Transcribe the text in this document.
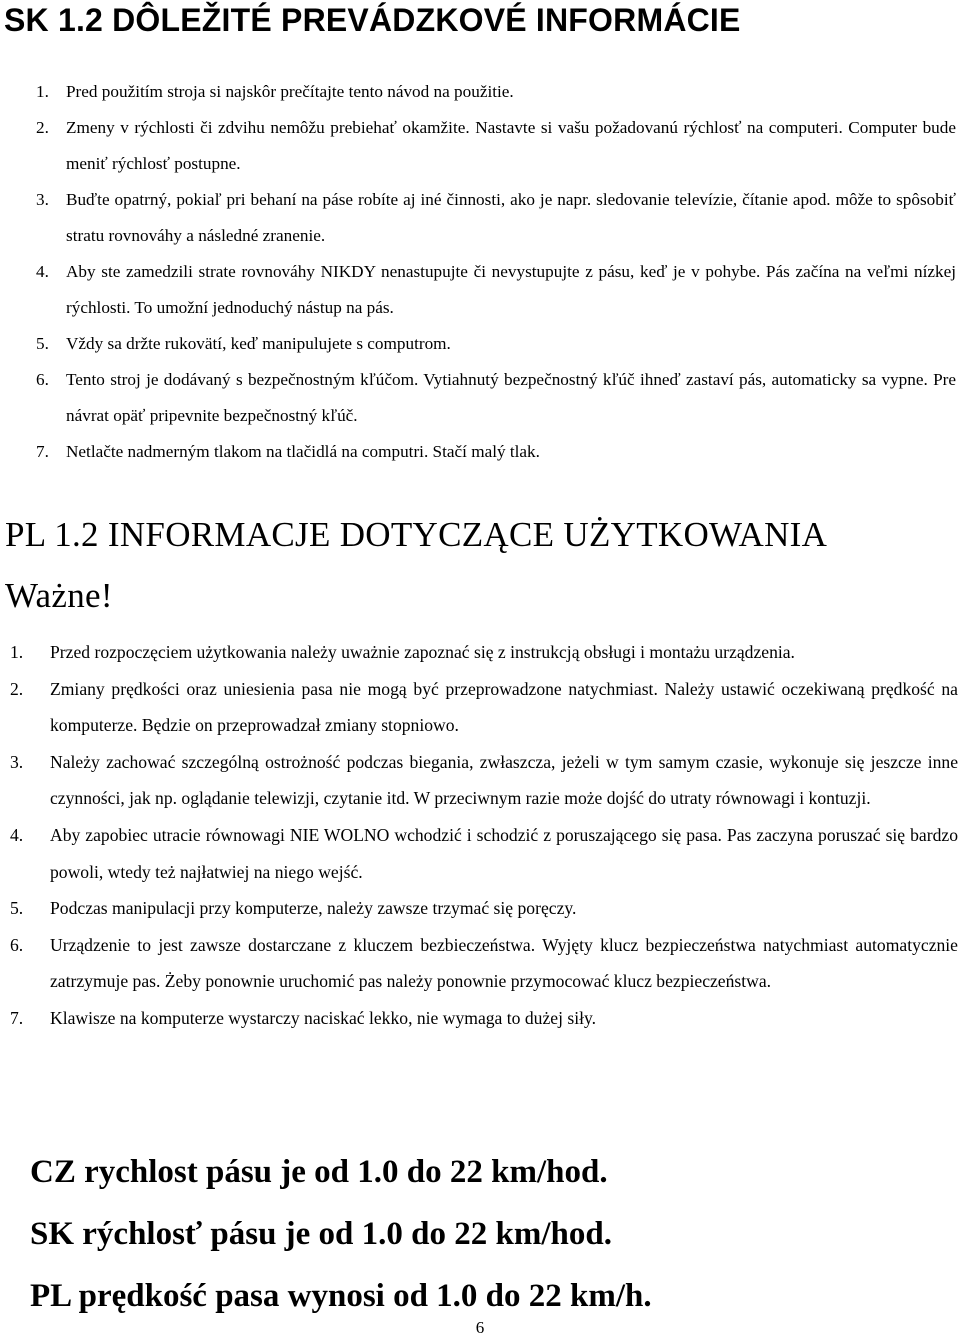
SK 1.2 DÔLEŽITÉ PREVÁDZKOVÉ INFORMÁCIE
1. Pred použitím stroja si najskôr prečítajte tento návod na použitie.
2. Zmeny v rýchlosti či zdvihu nemôžu prebiehať okamžite. Nastavte si vašu požadovanú rýchlosť na computeri. Computer bude meniť rýchlosť postupne.
3. Buďte opatrný, pokiaľ pri behaní na páse robíte aj iné činnosti, ako je napr. sledovanie televízie, čítanie apod. môže to spôsobiť stratu rovnováhy a následné zranenie.
4. Aby ste zamedzili strate rovnováhy NIKDY nenastupujte či nevystupujte z pásu, keď je v pohybe. Pás začína na veľmi nízkej rýchlosti. To umožní jednoduchý nástup na pás.
5. Vždy sa držte rukovätí, keď manipulujete s computrom.
6. Tento stroj je dodávaný s bezpečnostným kľúčom. Vytiahnutý bezpečnostný kľúč ihneď zastaví pás, automaticky sa vypne. Pre návrat opäť pripevnite bezpečnostný kľúč.
7. Netlačte nadmerným tlakom na tlačidlá na computri. Stačí malý tlak.
PL 1.2 INFORMACJE DOTYCZĄCE UŻYTKOWANIA
Ważne!
1. Przed rozpoczęciem użytkowania należy uważnie zapoznać się z instrukcją obsługi i montażu urządzenia.
2. Zmiany prędkości oraz uniesienia pasa nie mogą być przeprowadzone natychmiast. Należy ustawić oczekiwaną prędkość na komputerze. Będzie on przeprowadzał zmiany stopniowo.
3. Należy zachować szczególną ostrożność podczas biegania, zwłaszcza, jeżeli w tym samym czasie, wykonuje się jeszcze inne czynności, jak np. oglądanie telewizji, czytanie itd. W przeciwnym razie może dojść do utraty równowagi i kontuzji.
4. Aby zapobiec utracie równowagi NIE WOLNO wchodzić i schodzić z poruszającego się pasa. Pas zaczyna poruszać się bardzo powoli, wtedy też najłatwiej na niego wejść.
5. Podczas manipulacji przy komputerze, należy zawsze trzymać się poręczy.
6. Urządzenie to jest zawsze dostarczane z kluczem bezbieczeństwa. Wyjęty klucz bezpieczeństwa natychmiast automatycznie zatrzymuje pas. Żeby ponownie uruchomić pas należy ponownie przymocować klucz bezpieczeństwa.
7. Klawisze na komputerze wystarczy naciskać lekko, nie wymaga to dużej siły.

CZ rychlost pásu je od 1.0 do 22 km/hod.

SK rýchlosť pásu je od 1.0 do 22 km/hod.

PL prędkość pasa wynosi od 1.0 do 22 km/h.

6
